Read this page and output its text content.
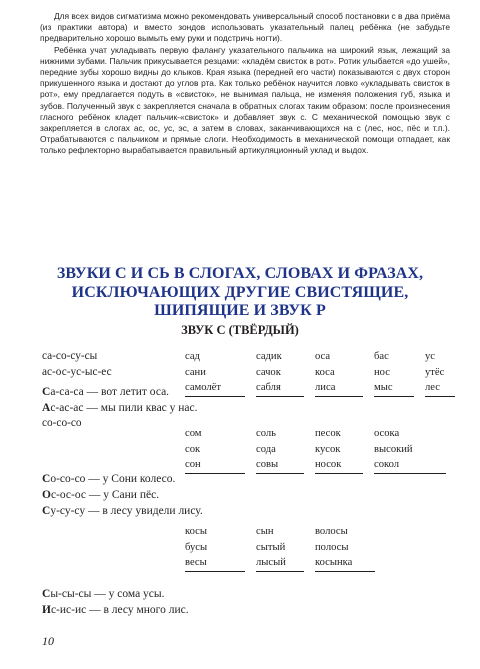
Для всех видов сигматизма можно рекомендовать универсальный способ постановки с в два приёма (из практики автора) и вместо зондов использовать указательный палец ребёнка (не забудьте предварительно хорошо вымыть ему руки и подстричь ногти).

Ребёнка учат укладывать первую фалангу указательного пальчика на широкий язык, лежащий за нижними зубами. Пальчик прикусывается резцами: «кладём свисток в рот». Ротик улыбается «до ушей», передние зубы хорошо видны до клыков. Края языка (передней его части) показываются с двух сторон прикушенного языка и достают до углов рта. Как только ребёнок научится ловко «укладывать свисток в рот», ему предлагается подуть в «свисток», не вынимая пальца, не изменяя положения губ, языка и зубов. Полученный звук с закрепляется сначала в обратных слогах таким образом: после произнесения гласного ребёнок кладет пальчик-«свисток» и добавляет звук с. С механической помощью звук с закрепляется в слогах ас, ос, ус, эс, а затем в словах, заканчивающихся на с (лес, нос, пёс и т.п.). Отрабатываются с пальчиком и прямые слоги. Необходимость в механической помощи отпадает, как только рефлекторно вырабатывается правильный артикуляционный уклад и выдох.

ЗВУКИ С И СЬ В СЛОГАХ, СЛОВАХ И ФРАЗАХ,
ИСКЛЮЧАЮЩИХ ДРУГИЕ СВИСТЯЩИЕ,
ШИПЯЩИЕ И ЗВУК Р
ЗВУК С (ТВЁРДЫЙ)
са-со-су-сы
ас-ос-ус-ыс-ес
сад
сани
самолёт
садик
сачок
сабля
оса
коса
лиса
бас
нос
мыс
ус
утёс
лес
Са-са-са — вот летит оса.
Ас-ас-ас — мы пили квас у нас.
со-со-со
сом
сок
сон
соль
сода
совы
песок
кусок
носок
осока
высокий
сокол
Со-со-со — у Сони колесо.
Ос-ос-ос — у Сани пёс.
Су-су-су — в лесу увидели лису.
косы
бусы
весы
сын
сытый
лысый
волосы
полосы
косынка
Сы-сы-сы — у сома усы.
Ис-ис-ис — в лесу много лис.
10
